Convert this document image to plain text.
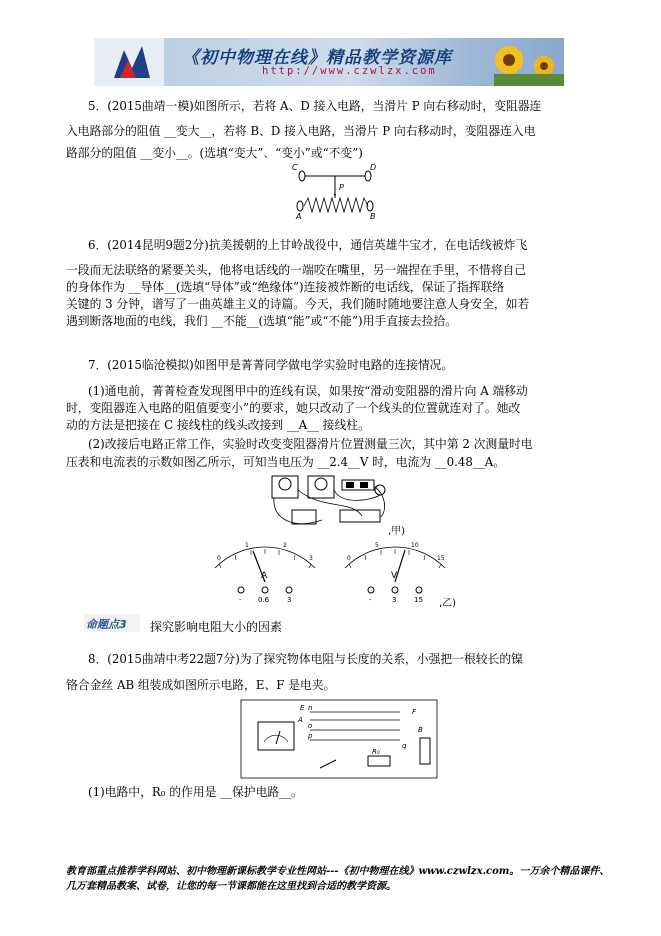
《初中物理在线》精品教学资源库
http://www.czwlzx.com
5．(2015曲靖一模)如图所示，若将 A、D 接入电路，当滑片 P 向右移动时，变阻器连
入电路部分的阻值 __变大__，若将 B、D 接入电路，当滑片 P 向右移动时，变阻器连入电
路部分的阻值 __变小__。(选填“变大”、“变小”或“不变”)
C	D
P
A	B
6．(2014昆明9题2分)抗美援朝的上甘岭战役中，通信英雄牛宝才，在电话线被炸飞
一段而无法联络的紧要关头，他将电话线的一端咬在嘴里，另一端捏在手里，不惜将自己
的身体作为 __导体__(选填“导体”或“绝缘体”)连接被炸断的电话线，保证了指挥联络
关键的 3 分钟，谱写了一曲英雄主义的诗篇。今天，我们随时随地要注意人身安全，如若
遇到断落地面的电线，我们 __不能__(选填“能”或“不能”)用手直接去捡拾。
7．(2015临沧模拟)如图甲是菁菁同学做电学实验时电路的连接情况。
(1)通电前，菁菁检查发现图甲中的连线有误，如果按“滑动变阻器的滑片向 A 端移动
时，变阻器连入电路的阻值要变小”的要求，她只改动了一个线头的位置就连对了。她改
动的方法是把接在 C 接线柱的线头改接到 __A__ 接线柱。
(2)改接后电路正常工作，实验时改变变阻器滑片位置测量三次，其中第 2 次测量时电
压表和电流表的示数如图乙所示，可知当电压为 __2.4__V 时，电流为 __0.48__A。
,甲)
0
1	2
3
A
- 0.6	3
0
5	10
15
V
-	3	15 ,乙)
命题点3 探究影响电阻大小的因素
8．(2015曲靖中考22题7分)为了探究物体电阻与长度的关系，小强把一根较长的镍
铬合金丝 AB 组装成如图所示电路，E、F 是电夹。
E
A
n
o
p
q
F
B
R₀
(1)电路中，R₀ 的作用是 __保护电路__。
教育部重点推荐学科网站、初中物理新课标教学专业性网站---《初中物理在线》www.czwlzx.com。一万余个精品课件、
几万套精品教案、试卷，让您的每一节课都能在这里找到合适的教学资源。
